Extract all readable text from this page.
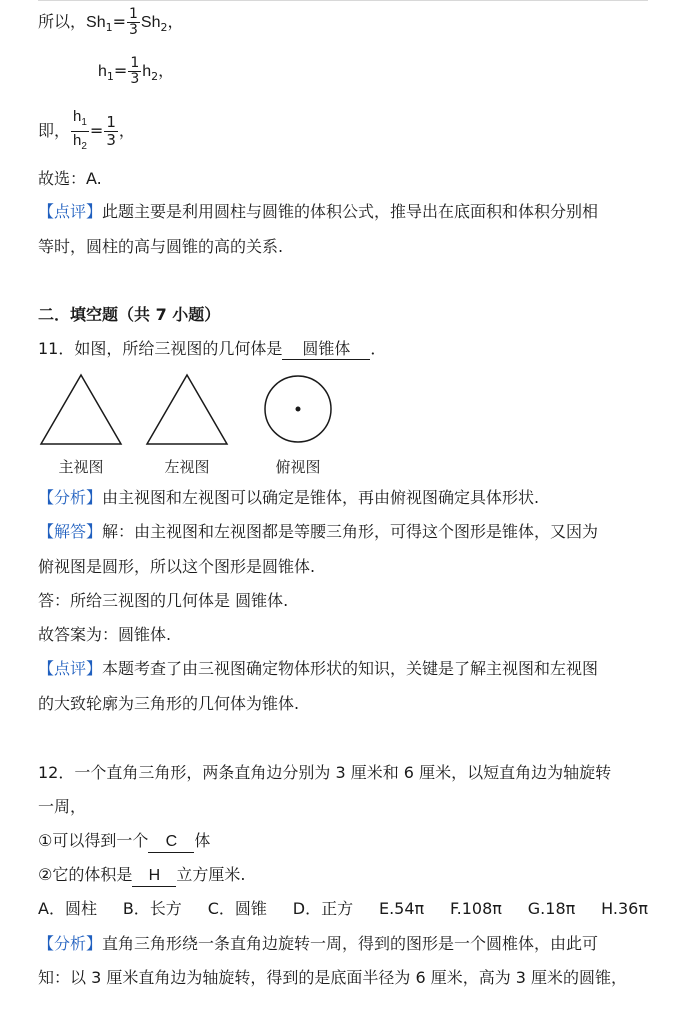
所以，$Sh_1= \frac{1}{3} Sh_2$，
$h_1= \frac{1}{3} h_2$，
即， $\frac{h_1}{h_2} = \frac{1}{3}$ ，
故选：A.
【点评】此题主要是利用圆柱与圆锥的体积公式，推导出在底面积和体积分别相
等时，圆柱的高与圆锥的高的关系.
二．填空题（共 7 小题）
11．如图，所给三视图的几何体是 圆锥体 ．
主视图	左视图	俯视图
【分析】由主视图和左视图可以确定是锥体，再由俯视图确定具体形状.
【解答】解：由主视图和左视图都是等腰三角形，可得这个图形是锥体，又因为
俯视图是圆形，所以这个图形是圆锥体.
答：所给三视图的几何体是 圆锥体.
故答案为：圆锥体.
【点评】本题考查了由三视图确定物体形状的知识，关键是了解主视图和左视图
的大致轮廓为三角形的几何体为锥体.
12．一个直角三角形，两条直角边分别为 3 厘米和 6 厘米，以短直角边为轴旋转
一周，
①可以得到一个 C 体
②它的体积是 H 立方厘米.
A．圆柱 B．长方 C．圆锥 D．正方 E.54π F.108π G.18π H.36π
【分析】直角三角形绕一条直角边旋转一周，得到的图形是一个圆椎体，由此可
知：以 3 厘米直角边为轴旋转，得到的是底面半径为 6 厘米，高为 3 厘米的圆锥，
